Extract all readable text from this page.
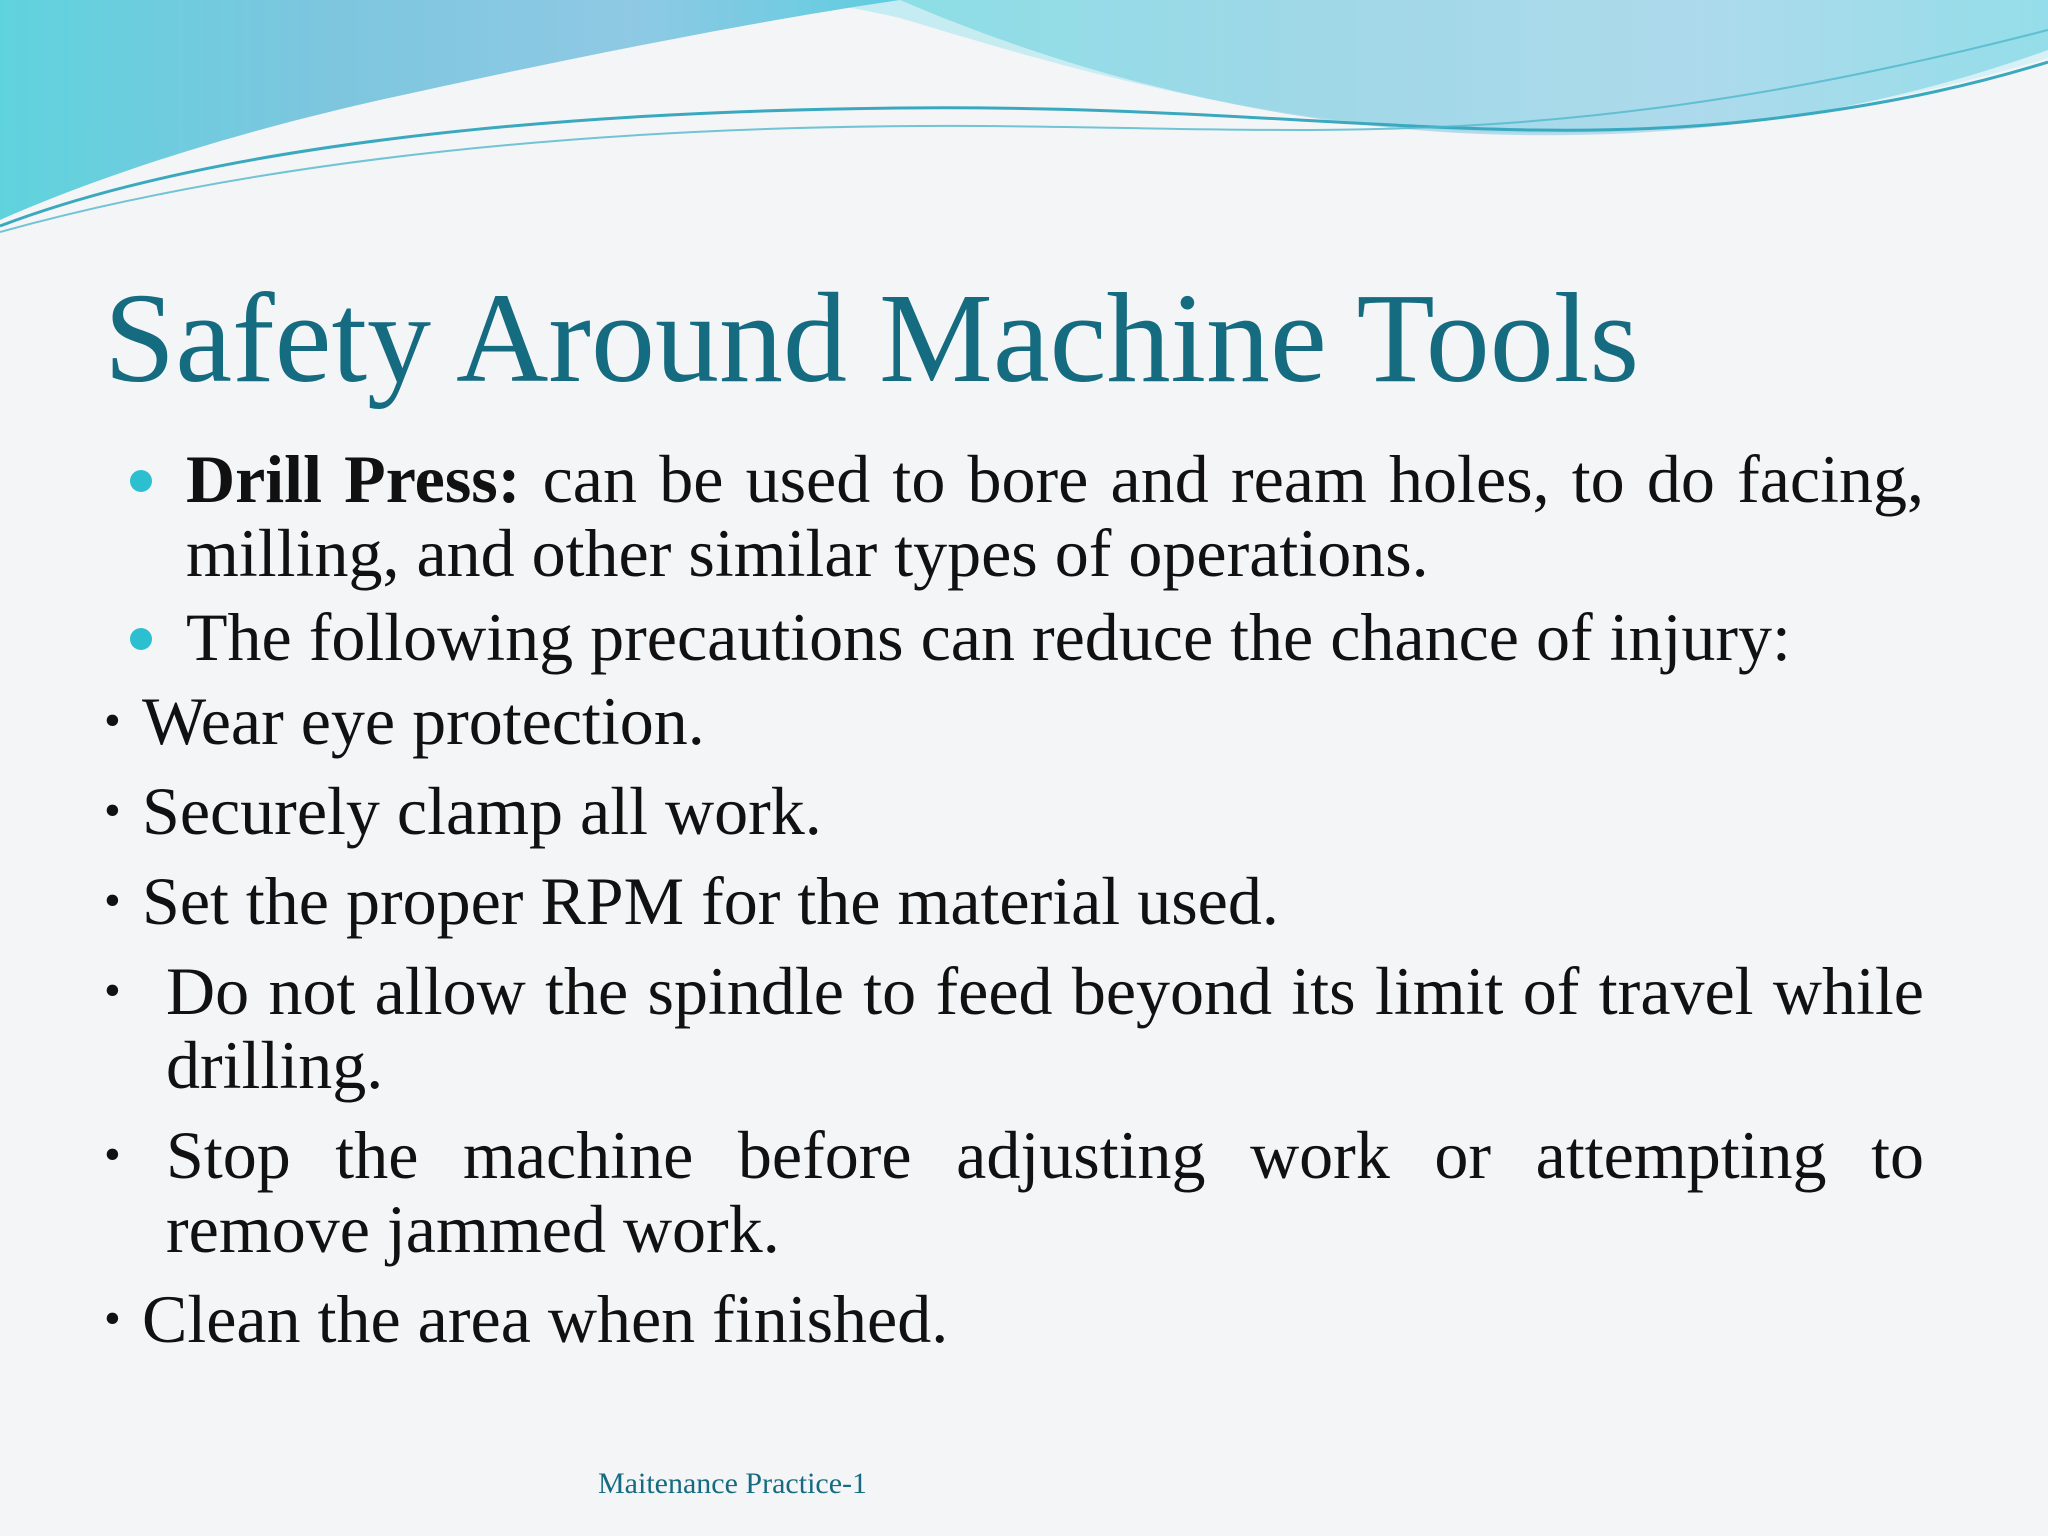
Safety Around Machine Tools
Drill Press: can be used to bore and ream holes, to do facing, milling, and other similar types of operations.
The following precautions can reduce the chance of injury:
• Wear eye protection.
• Securely clamp all work.
• Set the proper RPM for the material used.
• Do not allow the spindle to feed beyond its limit of travel while drilling.
• Stop the machine before adjusting work or attempting to remove jammed work.
• Clean the area when finished.
Maitenance Practice-1
